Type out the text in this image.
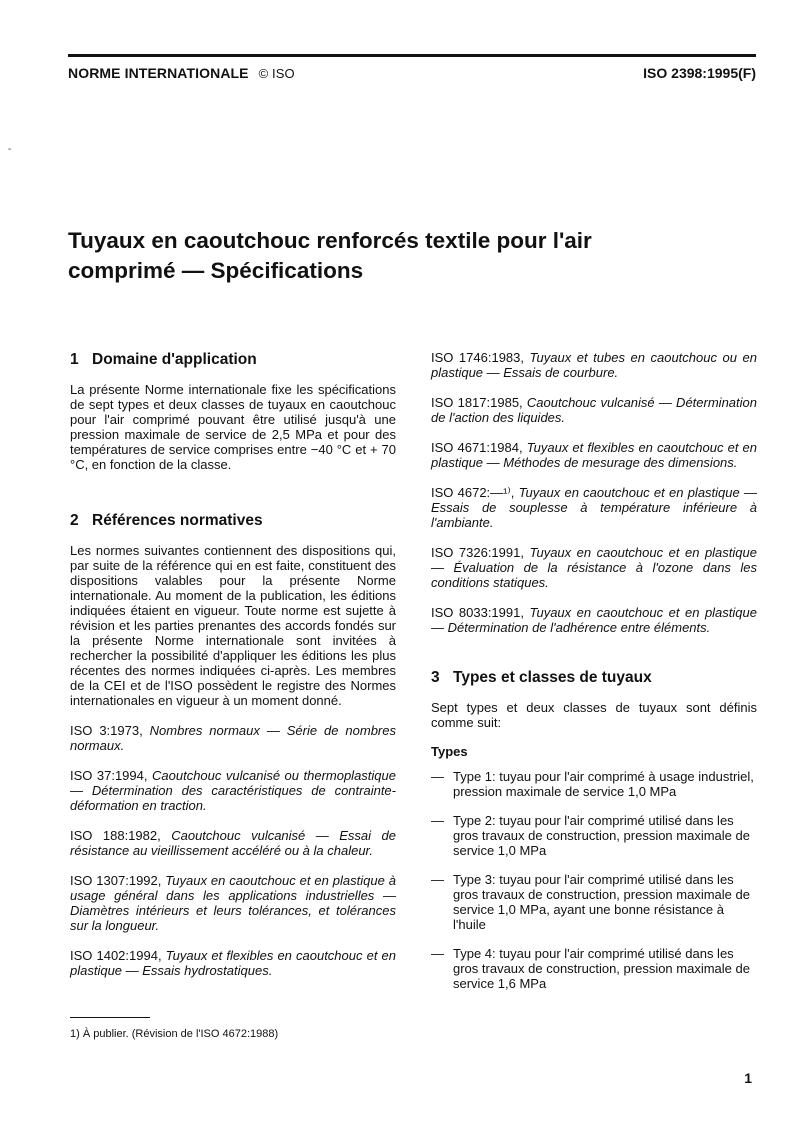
NORME INTERNATIONALE © ISO	ISO 2398:1995(F)
-
Tuyaux en caoutchouc renforcés textile pour l'air
comprimé — Spécifications
1 Domaine d'application

La présente Norme internationale fixe les spécifications de sept types et deux classes de tuyaux en caoutchouc pour l'air comprimé pouvant être utilisé jusqu'à une pression maximale de service de 2,5 MPa et pour des températures de service comprises entre −40 °C et + 70 °C, en fonction de la classe.

2 Références normatives

Les normes suivantes contiennent des dispositions qui, par suite de la référence qui en est faite, constituent des dispositions valables pour la présente Norme internationale. Au moment de la publication, les éditions indiquées étaient en vigueur. Toute norme est sujette à révision et les parties prenantes des accords fondés sur la présente Norme internationale sont invitées à rechercher la possibilité d'appliquer les éditions les plus récentes des normes indiquées ci-après. Les membres de la CEI et de l'ISO possèdent le registre des Normes internationales en vigueur à un moment donné.

ISO 3:1973, Nombres normaux — Série de nombres normaux.

ISO 37:1994, Caoutchouc vulcanisé ou thermoplastique — Détermination des caractéristiques de contrainte-déformation en traction.

ISO 188:1982, Caoutchouc vulcanisé — Essai de résistance au vieillissement accéléré ou à la chaleur.

ISO 1307:1992, Tuyaux en caoutchouc et en plastique à usage général dans les applications industrielles — Diamètres intérieurs et leurs tolérances, et tolérances sur la longueur.

ISO 1402:1994, Tuyaux et flexibles en caoutchouc et en plastique — Essais hydrostatiques.

ISO 1746:1983, Tuyaux et tubes en caoutchouc ou en plastique — Essais de courbure.

ISO 1817:1985, Caoutchouc vulcanisé — Détermination de l'action des liquides.

ISO 4671:1984, Tuyaux et flexibles en caoutchouc et en plastique — Méthodes de mesurage des dimensions.

ISO 4672:—¹⁾, Tuyaux en caoutchouc et en plastique — Essais de souplesse à température inférieure à l'ambiante.

ISO 7326:1991, Tuyaux en caoutchouc et en plastique — Évaluation de la résistance à l'ozone dans les conditions statiques.

ISO 8033:1991, Tuyaux en caoutchouc et en plastique — Détermination de l'adhérence entre éléments.

3 Types et classes de tuyaux

Sept types et deux classes de tuyaux sont définis comme suit:

Types

— Type 1: tuyau pour l'air comprimé à usage industriel, pression maximale de service 1,0 MPa
— Type 2: tuyau pour l'air comprimé utilisé dans les gros travaux de construction, pression maximale de service 1,0 MPa
— Type 3: tuyau pour l'air comprimé utilisé dans les gros travaux de construction, pression maximale de service 1,0 MPa, ayant une bonne résistance à l'huile
— Type 4: tuyau pour l'air comprimé utilisé dans les gros travaux de construction, pression maximale de service 1,6 MPa
1) À publier. (Révision de l'ISO 4672:1988)
1
